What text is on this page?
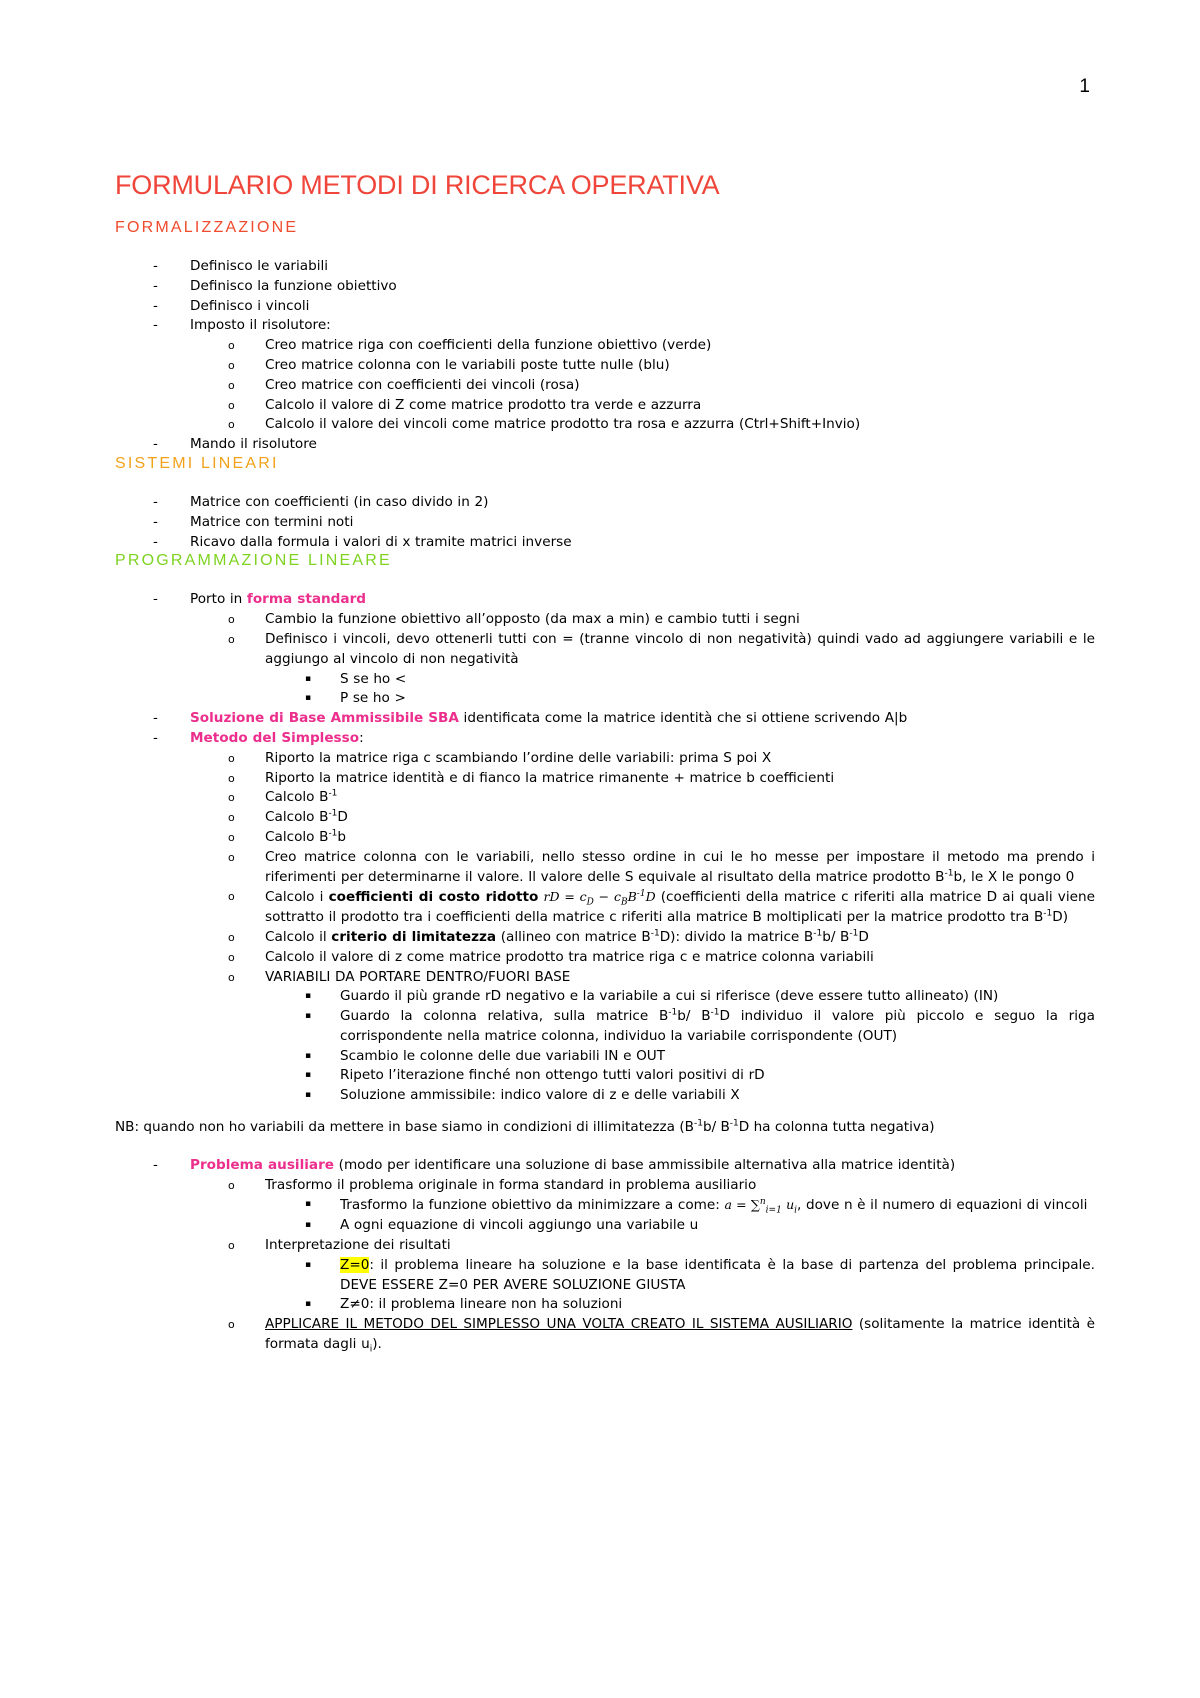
1
FORMULARIO METODI DI RICERCA OPERATIVA
FORMALIZZAZIONE
-	Definisco le variabili
-	Definisco la funzione obiettivo
-	Definisco i vincoli
-	Imposto il risolutore:
o	Creo matrice riga con coefficienti della funzione obiettivo (verde)
o	Creo matrice colonna con le variabili poste tutte nulle (blu)
o	Creo matrice con coefficienti dei vincoli (rosa)
o	Calcolo il valore di Z come matrice prodotto tra verde e azzurra
o	Calcolo il valore dei vincoli come matrice prodotto tra rosa e azzurra (Ctrl+Shift+Invio)
-	Mando il risolutore
SISTEMI LINEARI
-	Matrice con coefficienti (in caso divido in 2)
-	Matrice con termini noti
-	Ricavo dalla formula i valori di x tramite matrici inverse
PROGRAMMAZIONE LINEARE
-	Porto in forma standard
o	Cambio la funzione obiettivo all’opposto (da max a min) e cambio tutti i segni
o	Definisco i vincoli, devo ottenerli tutti con = (tranne vincolo di non negatività) quindi vado ad aggiungere variabili e le aggiungo al vincolo di non negatività
▪	S se ho <
▪	P se ho >
-	Soluzione di Base Ammissibile SBA identificata come la matrice identità che si ottiene scrivendo A|b
-	Metodo del Simplesso:
o	Riporto la matrice riga c scambiando l’ordine delle variabili: prima S poi X
o	Riporto la matrice identità e di fianco la matrice rimanente + matrice b coefficienti
o	Calcolo $B^{-1}$
o	Calcolo $B^{-1}D$
o	Calcolo $B^{-1}b$
o	Creo matrice colonna con le variabili, nello stesso ordine in cui le ho messe per impostare il metodo ma prendo i riferimenti per determinarne il valore. Il valore delle S equivale al risultato della matrice prodotto $B^{-1}b$, le X le pongo 0
o	Calcolo i coefficienti di costo ridotto rD = $c_D - c_BB^{-1}D$ (coefficienti della matrice c riferiti alla matrice D ai quali viene sottratto il prodotto tra i coefficienti della matrice c riferiti alla matrice B moltiplicati per la matrice prodotto tra $B^{-1}D$)
o	Calcolo il criterio di limitatezza (allineo con matrice $B^{-1}D$): divido la matrice $B^{-1}b/$ $B^{-1}D$
o	Calcolo il valore di z come matrice prodotto tra matrice riga c e matrice colonna variabili
o	VARIABILI DA PORTARE DENTRO/FUORI BASE
▪	Guardo il più grande rD negativo e la variabile a cui si riferisce (deve essere tutto allineato) (IN)
▪	Guardo la colonna relativa, sulla matrice $B^{-1}b/$ $B^{-1}D$ individuo il valore più piccolo e seguo la riga corrispondente nella matrice colonna, individuo la variabile corrispondente (OUT)
▪	Scambio le colonne delle due variabili IN e OUT
▪	Ripeto l’iterazione finché non ottengo tutti valori positivi di rD
▪	Soluzione ammissibile: indico valore di z e delle variabili X

NB: quando non ho variabili da mettere in base siamo in condizioni di illimitatezza ($B^{-1}b/$ $B^{-1}D$ ha colonna tutta negativa)

-	Problema ausiliare (modo per identificare una soluzione di base ammissibile alternativa alla matrice identità)
o	Trasformo il problema originale in forma standard in problema ausiliario
▪	Trasformo la funzione obiettivo da minimizzare a come: a = ∑$^n_{i=1}$ $u_i$, dove n è il numero di equazioni di vincoli
▪	A ogni equazione di vincoli aggiungo una variabile u
o	Interpretazione dei risultati
▪	Z=0: il problema lineare ha soluzione e la base identificata è la base di partenza del problema principale. DEVE ESSERE Z=0 PER AVERE SOLUZIONE GIUSTA
▪	Z≠0: il problema lineare non ha soluzioni
o	APPLICARE IL METODO DEL SIMPLESSO UNA VOLTA CREATO IL SISTEMA AUSILIARIO (solitamente la matrice identità è formata dagli $u_i$).
